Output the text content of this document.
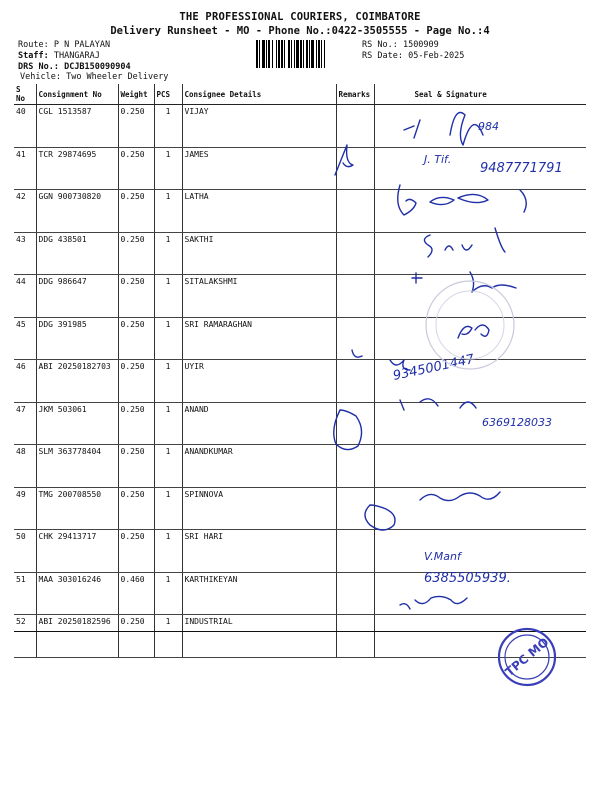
THE PROFESSIONAL COURIERS, COIMBATORE
Delivery Runsheet - MO - Phone No.:0422-3505555 - Page No.:4
Route: P N PALAYAN
Staff: THANGARAJ
DRS No.: DCJB150090904
Vehicle: Two Wheeler Delivery
RS No.: 1500909
RS Date: 05-Feb-2025
S No	Consignment No	Weight	PCS	Consignee Details	Remarks	Seal & Signature
40	CGL 1513587	0.250	1	VIJAY		
41	TCR 29874695	0.250	1	JAMES		
42	GGN 900730820	0.250	1	LATHA		
43	DDG 438501	0.250	1	SAKTHI		
44	DDG 986647	0.250	1	SITALAKSHMI		
45	DDG 391985	0.250	1	SRI RAMARAGHAN		
46	ABI 20250182703	0.250	1	UYIR		
47	JKM 503061	0.250	1	ANAND		
48	SLM 363778404	0.250	1	ANANDKUMAR		
49	TMG 200708550	0.250	1	SPINNOVA		
50	CHK 29413717	0.250	1	SRI HARI		
51	MAA 303016246	0.460	1	KARTHIKEYAN		
52	ABI 20250182596	0.250	1	INDUSTRIAL		
984
J. Tif.
9487771791
9345001447
6369128033
V.Manf
6385505939.
TPC MO
